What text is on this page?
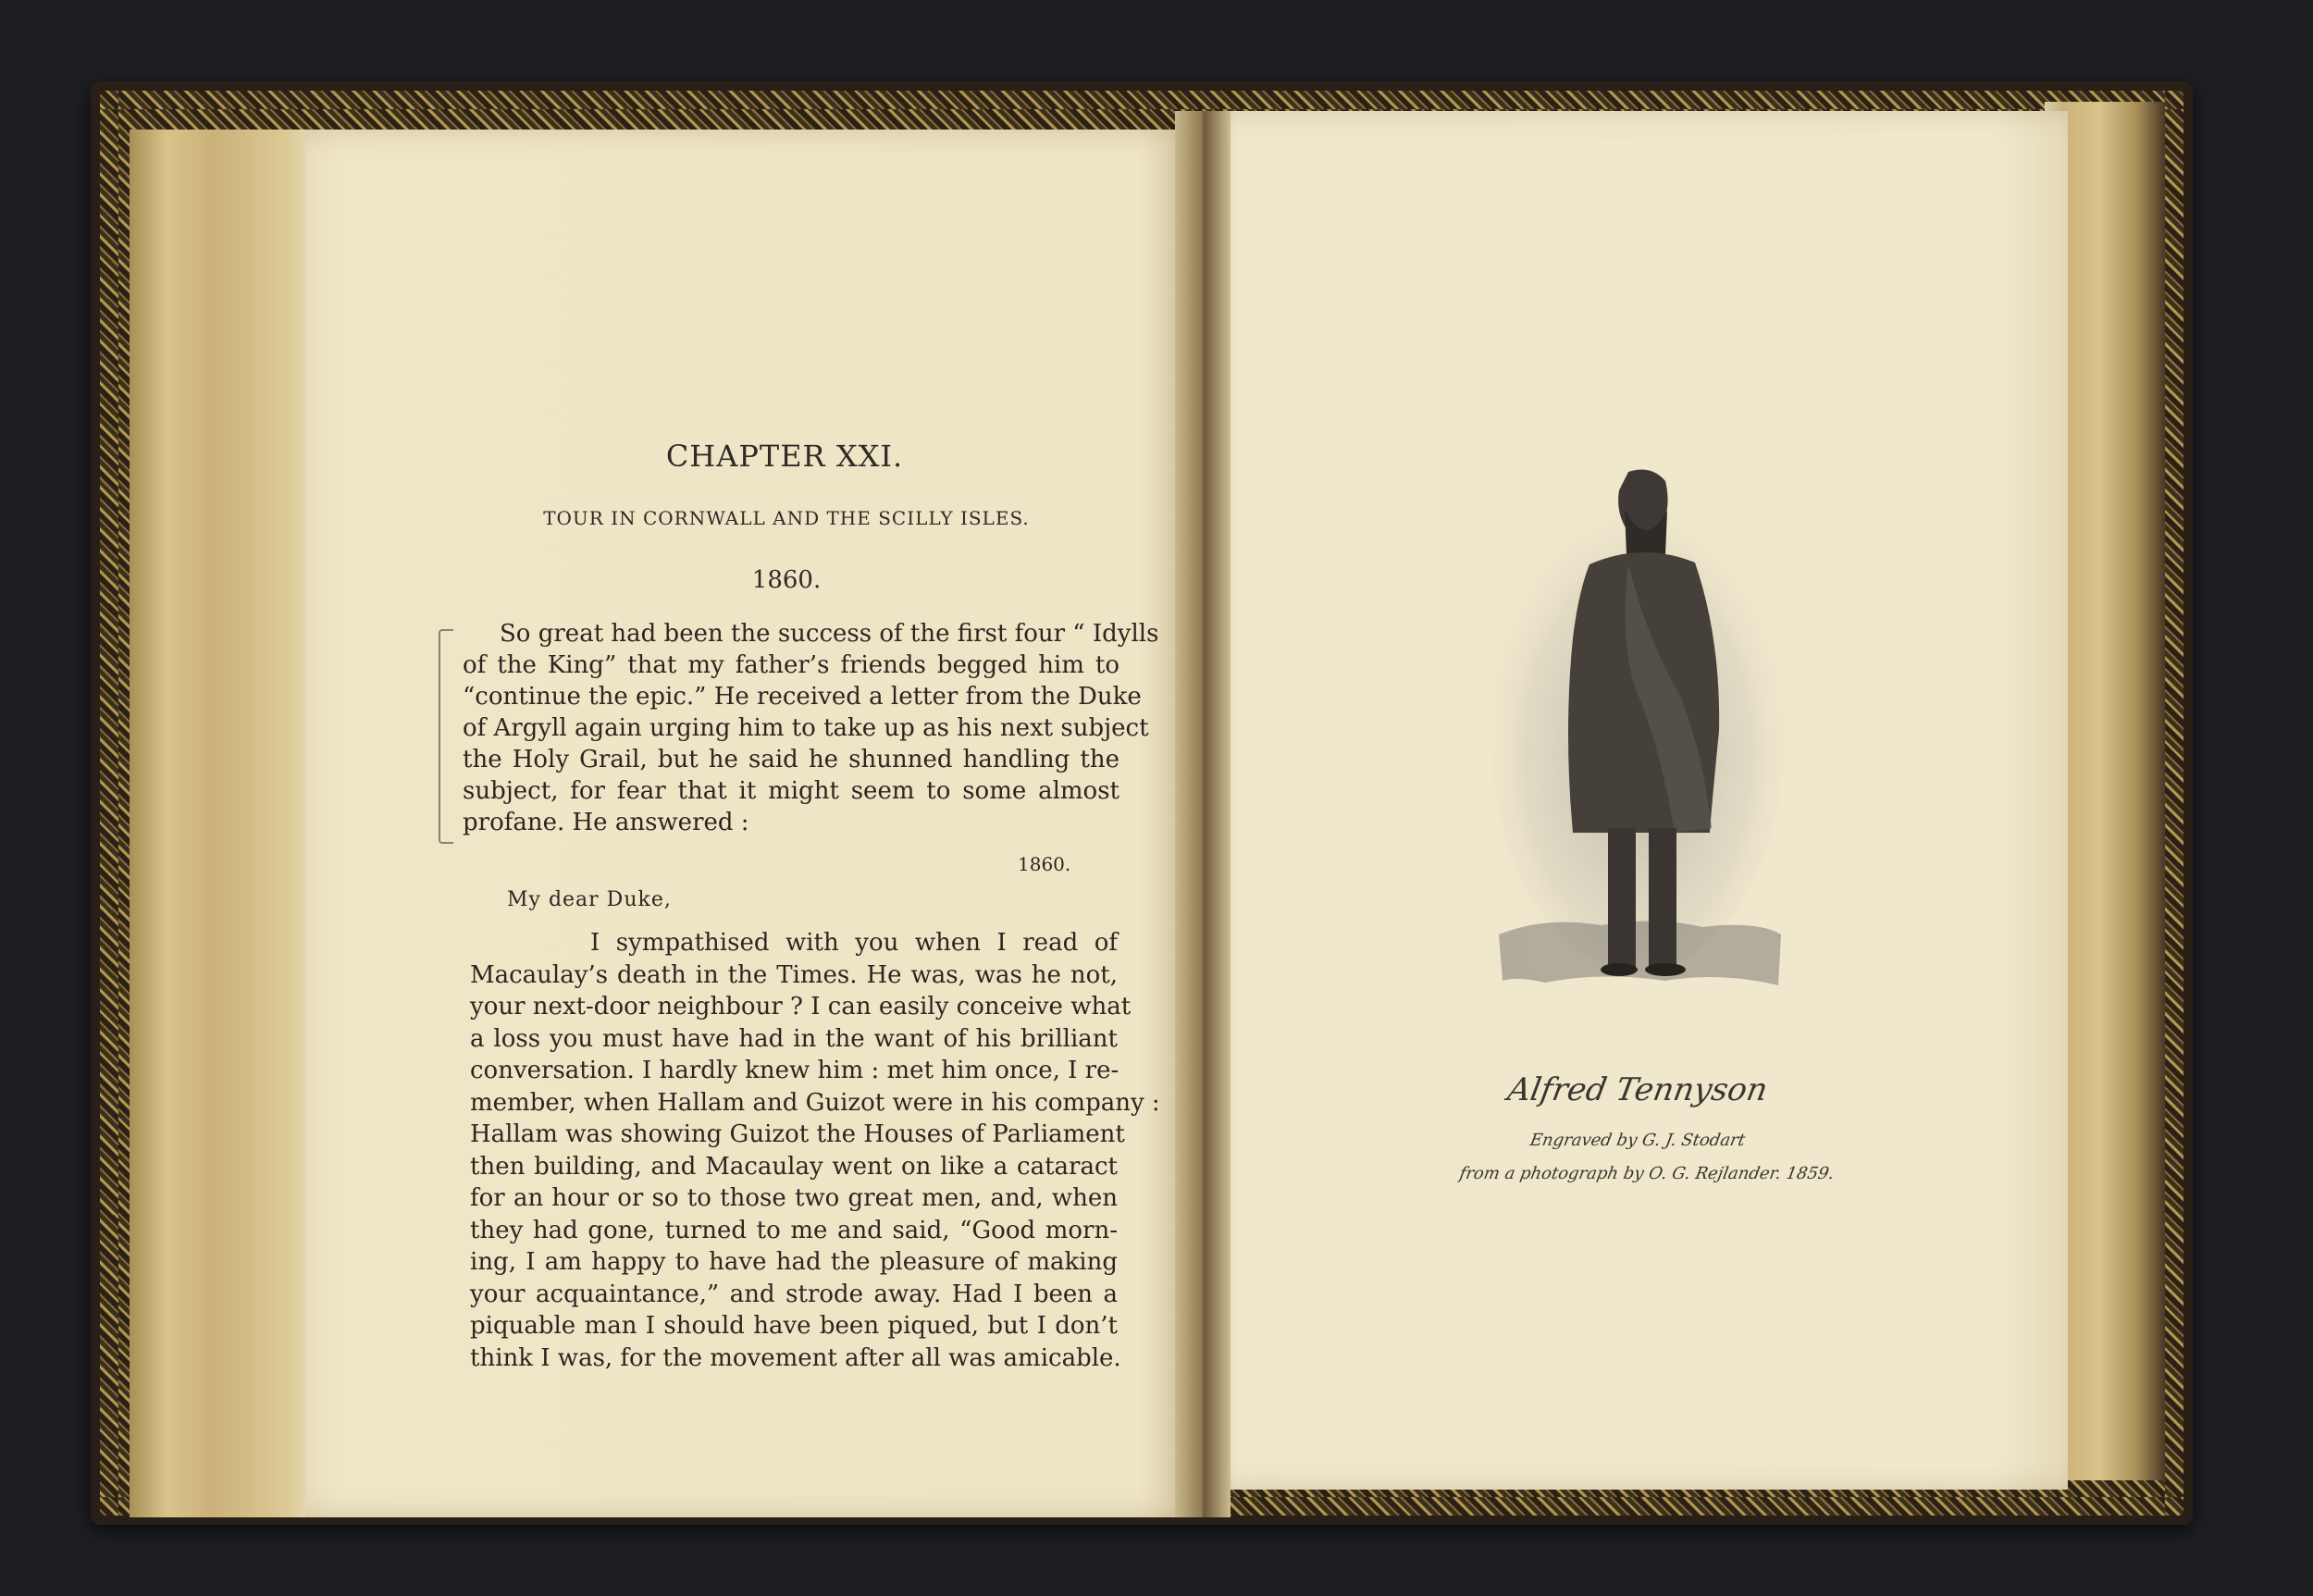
CHAPTER XXI.
TOUR IN CORNWALL AND THE SCILLY ISLES.
1860.
So great had been the success of the first four “ Idylls
of the King” that my father’s friends begged him to
“continue the epic.” He received a letter from the Duke
of Argyll again urging him to take up as his next subject
the Holy Grail, but he said he shunned handling the
subject, for fear that it might seem to some almost
profane. He answered :
1860.
My dear Duke,
I sympathised with you when I read of
Macaulay’s death in the Times. He was, was he not,
your next-door neighbour ? I can easily conceive what
a loss you must have had in the want of his brilliant
conversation. I hardly knew him : met him once, I re-
member, when Hallam and Guizot were in his company :
Hallam was showing Guizot the Houses of Parliament
then building, and Macaulay went on like a cataract
for an hour or so to those two great men, and, when
they had gone, turned to me and said, “Good morn-
ing, I am happy to have had the pleasure of making
your acquaintance,” and strode away. Had I been a
piquable man I should have been piqued, but I don’t
think I was, for the movement after all was amicable.
Alfred Tennyson
Engraved by G. J. Stodart
from a photograph by O. G. Rejlander. 1859.
